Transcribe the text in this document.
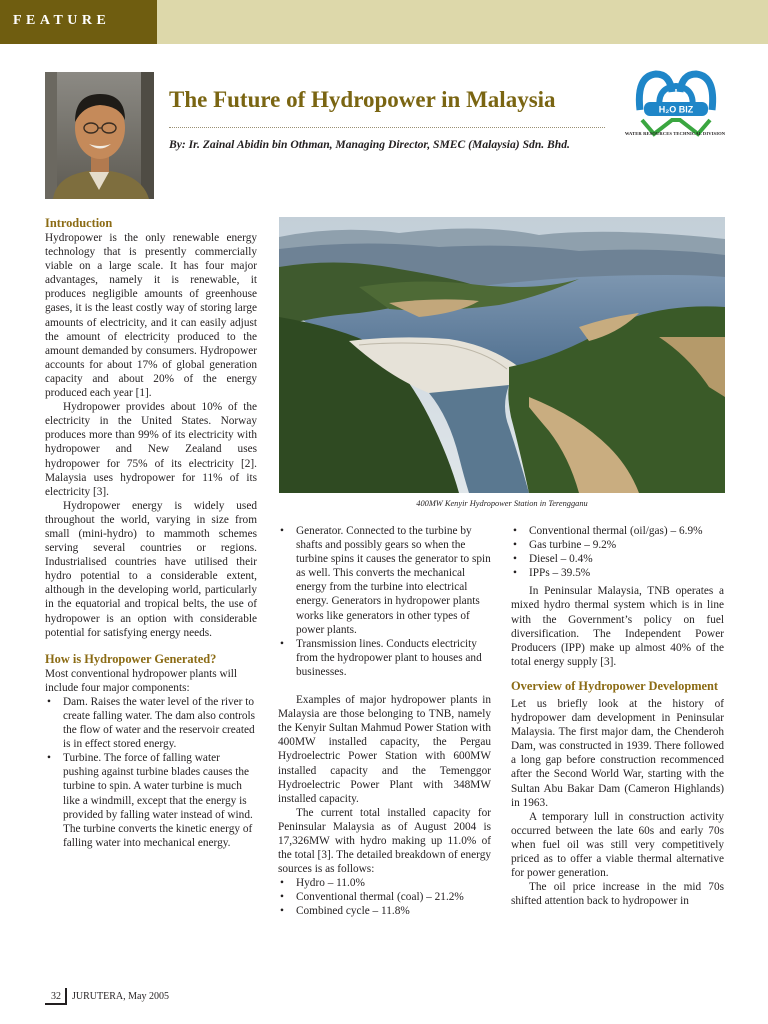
FEATURE
The Future of Hydropower in Malaysia
By: Ir. Zainal Abidin bin Othman, Managing Director, SMEC (Malaysia) Sdn. Bhd.
H₂O BIZ
WATER RESOURCES TECHNICAL DIVISION
Introduction

Hydropower is the only renewable energy technology that is presently commercially viable on a large scale. It has four major advantages, namely it is renewable, it produces negligible amounts of greenhouse gases, it is the least costly way of storing large amounts of electricity, and it can easily adjust the amount of electricity produced to the amount demanded by consumers. Hydropower accounts for about 17% of global generation capacity and about 20% of the energy produced each year [1].

Hydropower provides about 10% of the electricity in the United States. Norway produces more than 99% of its electricity with hydropower and New Zealand uses hydropower for 75% of its electricity [2]. Malaysia uses hydropower for 11% of its electricity [3].

Hydropower energy is widely used throughout the world, varying in size from small (mini-hydro) to mammoth schemes serving several countries or regions. Industrialised countries have utilised their hydro potential to a considerable extent, although in the developing world, particularly in the equatorial and tropical belts, the use of hydropower is an option with considerable potential for satisfying energy needs.

How is Hydropower Generated?

Most conventional hydropower plants will include four major components:

• Dam. Raises the water level of the river to create falling water. The dam also controls the flow of water and the reservoir created is in effect stored energy.
• Turbine. The force of falling water pushing against turbine blades causes the turbine to spin. A water turbine is much like a windmill, except that the energy is provided by falling water instead of wind. The turbine converts the kinetic energy of falling water into mechanical energy.
400MW Kenyir Hydropower Station in Terengganu
• Generator. Connected to the turbine by shafts and possibly gears so when the turbine spins it causes the generator to spin as well. This converts the mechanical energy from the turbine into electrical energy. Generators in hydropower plants works like generators in other types of power plants.
• Transmission lines. Conducts electricity from the hydropower plant to houses and businesses.

Examples of major hydropower plants in Malaysia are those belonging to TNB, namely the Kenyir Sultan Mahmud Power Station with 400MW installed capacity, the Pergau Hydroelectric Power Station with 600MW installed capacity and the Temenggor Hydroelectric Power Plant with 348MW installed capacity.

The current total installed capacity for Peninsular Malaysia as of August 2004 is 17,326MW with hydro making up 11.0% of the total [3]. The detailed breakdown of energy sources is as follows:

• Hydro – 11.0%
• Conventional thermal (coal) – 21.2%
• Combined cycle – 11.8%
• Conventional thermal (oil/gas) – 6.9%
• Gas turbine – 9.2%
• Diesel – 0.4%
• IPPs – 39.5%

In Peninsular Malaysia, TNB operates a mixed hydro thermal system which is in line with the Government’s policy on fuel diversification. The Independent Power Producers (IPP) make up almost 40% of the total energy supply [3].

Overview of Hydropower Development

Let us briefly look at the history of hydropower dam development in Peninsular Malaysia. The first major dam, the Chenderoh Dam, was constructed in 1939. There followed a long gap before construction recommenced after the Second World War, starting with the Sultan Abu Bakar Dam (Cameron Highlands) in 1963.

A temporary lull in construction activity occurred between the late 60s and early 70s when fuel oil was still very competitively priced as to offer a viable thermal alternative for power generation.

The oil price increase in the mid 70s shifted attention back to hydropower in

32 JURUTERA, May 2005
